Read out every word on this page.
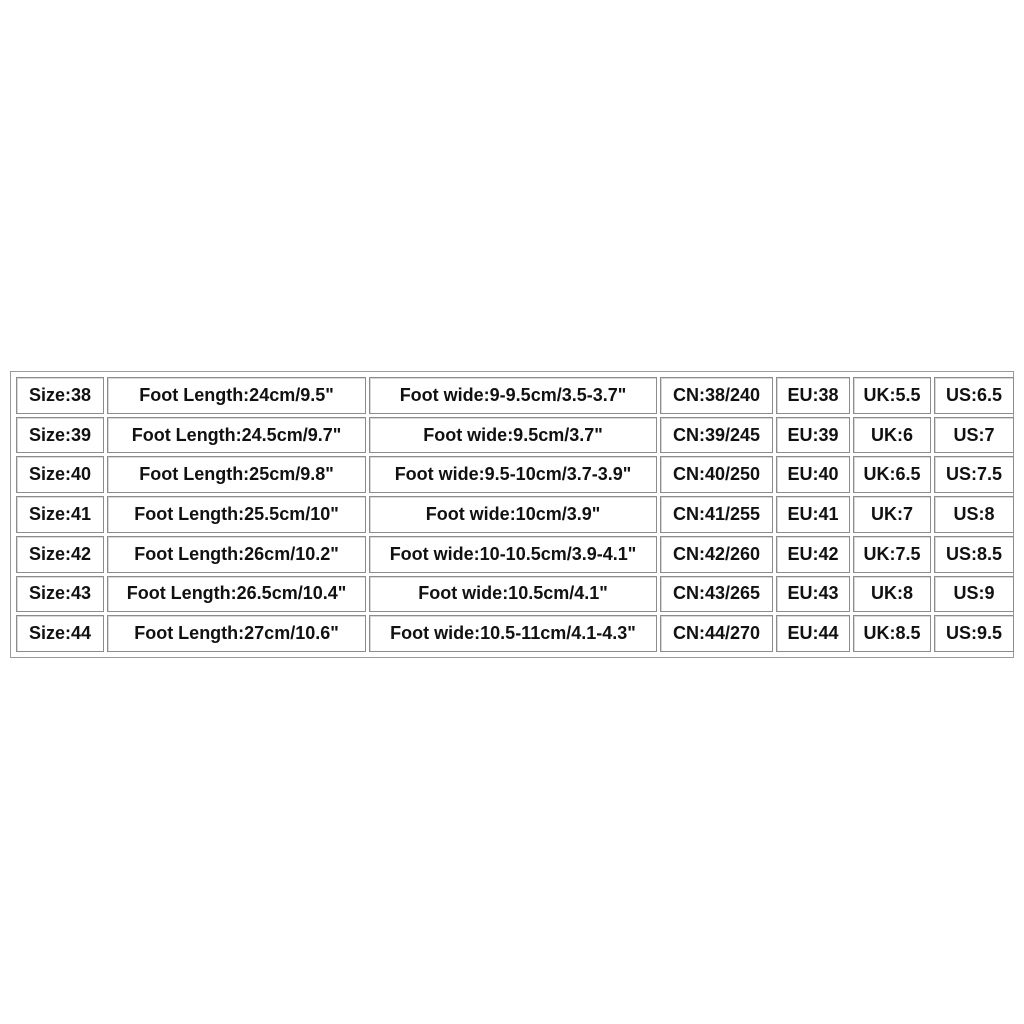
Size:38	Foot Length:24cm/9.5"	Foot wide:9-9.5cm/3.5-3.7"	CN:38/240	EU:38	UK:5.5	US:6.5
Size:39	Foot Length:24.5cm/9.7"	Foot wide:9.5cm/3.7"	CN:39/245	EU:39	UK:6	US:7
Size:40	Foot Length:25cm/9.8"	Foot wide:9.5-10cm/3.7-3.9"	CN:40/250	EU:40	UK:6.5	US:7.5
Size:41	Foot Length:25.5cm/10"	Foot wide:10cm/3.9"	CN:41/255	EU:41	UK:7	US:8
Size:42	Foot Length:26cm/10.2"	Foot wide:10-10.5cm/3.9-4.1"	CN:42/260	EU:42	UK:7.5	US:8.5
Size:43	Foot Length:26.5cm/10.4"	Foot wide:10.5cm/4.1"	CN:43/265	EU:43	UK:8	US:9
Size:44	Foot Length:27cm/10.6"	Foot wide:10.5-11cm/4.1-4.3"	CN:44/270	EU:44	UK:8.5	US:9.5
